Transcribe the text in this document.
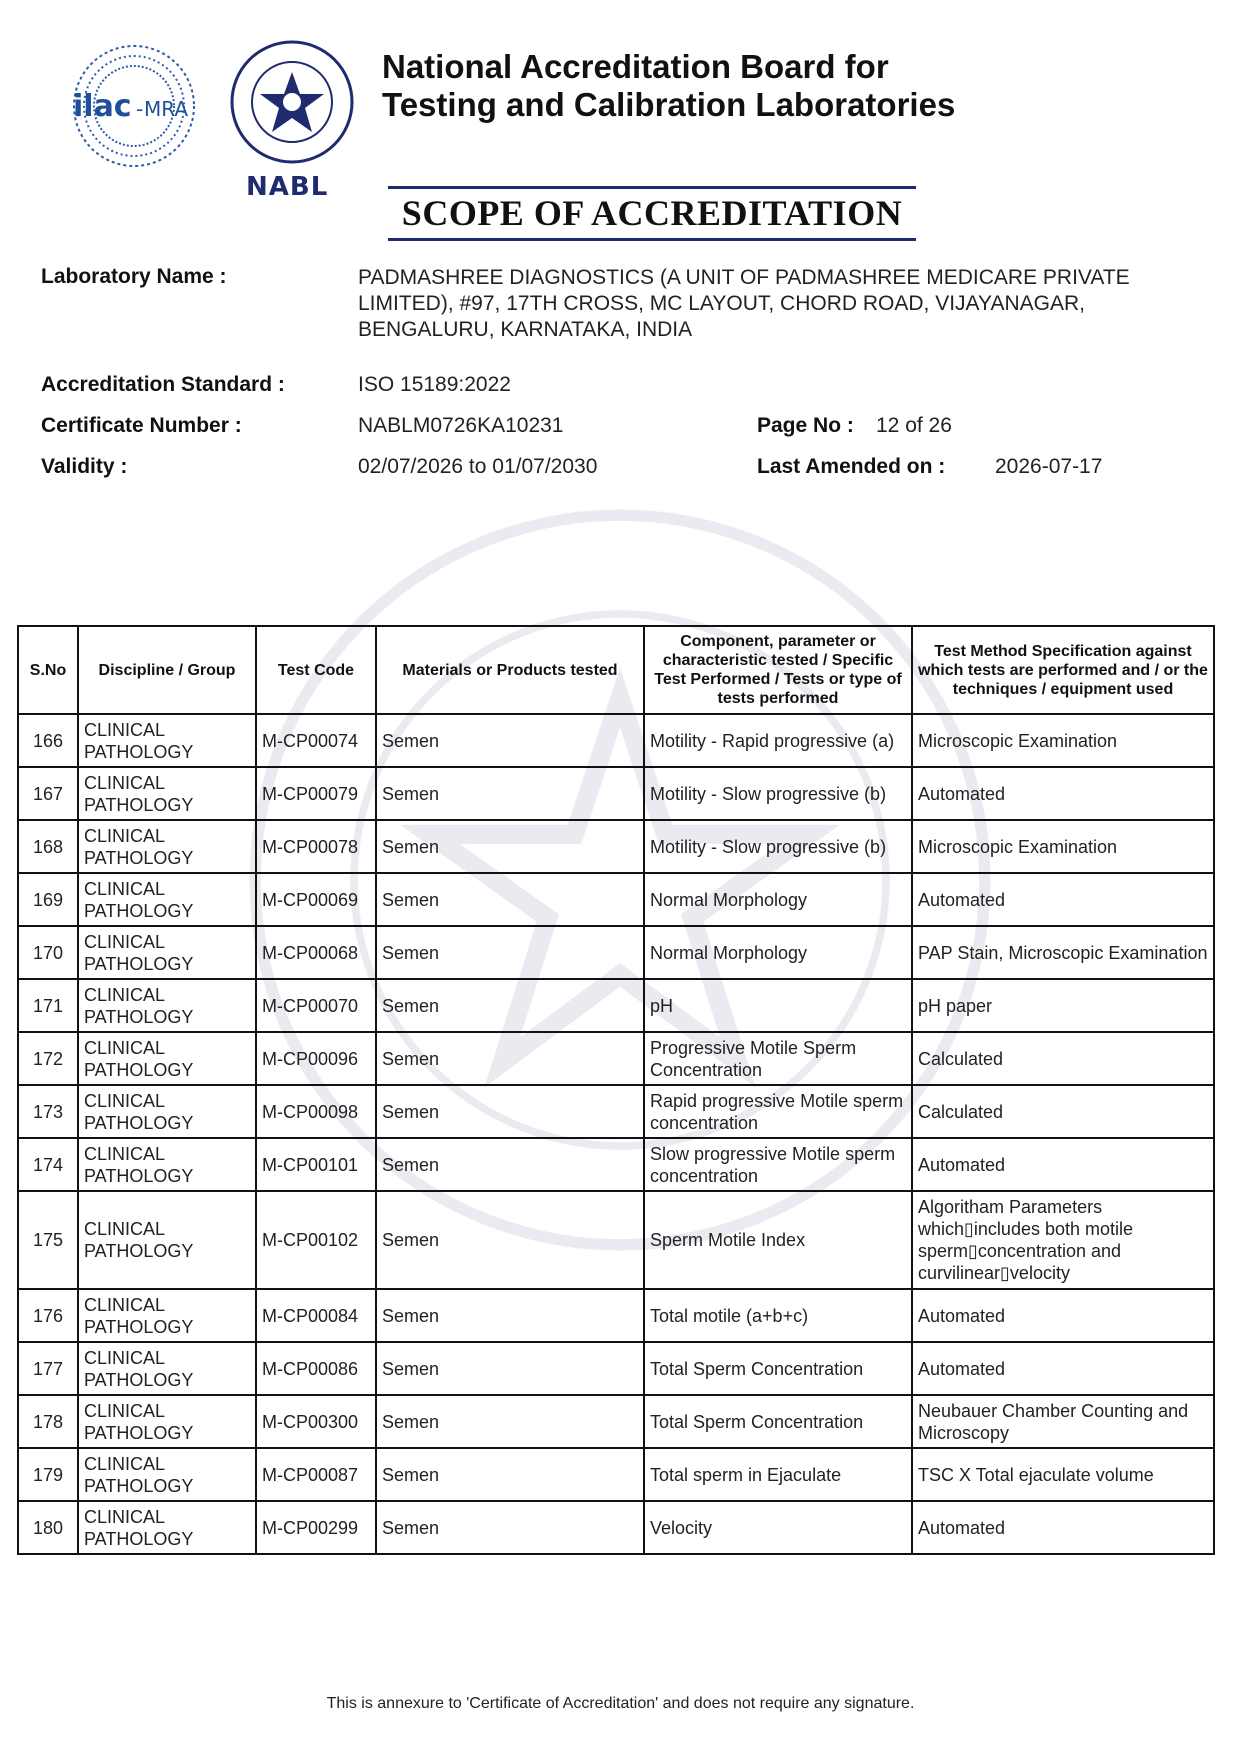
ilac - MRA
NABL
National Accreditation Board for
Testing and Calibration Laboratories
SCOPE OF ACCREDITATION
Laboratory Name :	PADMASHREE DIAGNOSTICS (A UNIT OF PADMASHREE MEDICARE PRIVATE LIMITED), #97, 17TH CROSS, MC LAYOUT, CHORD ROAD, VIJAYANAGAR, BENGALURU, KARNATAKA, INDIA
Accreditation Standard :	ISO 15189:2022
Certificate Number :	NABLM0726KA10231	Page No : 12 of 26
Validity :	02/07/2026 to 01/07/2030	Last Amended on : 2026-07-17
S.No	Discipline / Group	Test Code	Materials or Products tested	Component, parameter or characteristic tested / Specific Test Performed / Tests or type of tests performed	Test Method Specification against which tests are performed and / or the techniques / equipment used
166	CLINICAL PATHOLOGY	M-CP00074	Semen	Motility - Rapid progressive (a)	Microscopic Examination
167	CLINICAL PATHOLOGY	M-CP00079	Semen	Motility - Slow progressive (b)	Automated
168	CLINICAL PATHOLOGY	M-CP00078	Semen	Motility - Slow progressive (b)	Microscopic Examination
169	CLINICAL PATHOLOGY	M-CP00069	Semen	Normal Morphology	Automated
170	CLINICAL PATHOLOGY	M-CP00068	Semen	Normal Morphology	PAP Stain, Microscopic Examination
171	CLINICAL PATHOLOGY	M-CP00070	Semen	pH	pH paper
172	CLINICAL PATHOLOGY	M-CP00096	Semen	Progressive Motile Sperm Concentration	Calculated
173	CLINICAL PATHOLOGY	M-CP00098	Semen	Rapid progressive Motile sperm concentration	Calculated
174	CLINICAL PATHOLOGY	M-CP00101	Semen	Slow progressive Motile sperm concentration	Automated
175	CLINICAL PATHOLOGY	M-CP00102	Semen	Sperm Motile Index	Algoritham Parameters which▯includes both motile sperm▯concentration and curvilinear▯velocity
176	CLINICAL PATHOLOGY	M-CP00084	Semen	Total motile (a+b+c)	Automated
177	CLINICAL PATHOLOGY	M-CP00086	Semen	Total Sperm Concentration	Automated
178	CLINICAL PATHOLOGY	M-CP00300	Semen	Total Sperm Concentration	Neubauer Chamber Counting and Microscopy
179	CLINICAL PATHOLOGY	M-CP00087	Semen	Total sperm in Ejaculate	TSC X Total ejaculate volume
180	CLINICAL PATHOLOGY	M-CP00299	Semen	Velocity	Automated
This is annexure to 'Certificate of Accreditation' and does not require any signature.
